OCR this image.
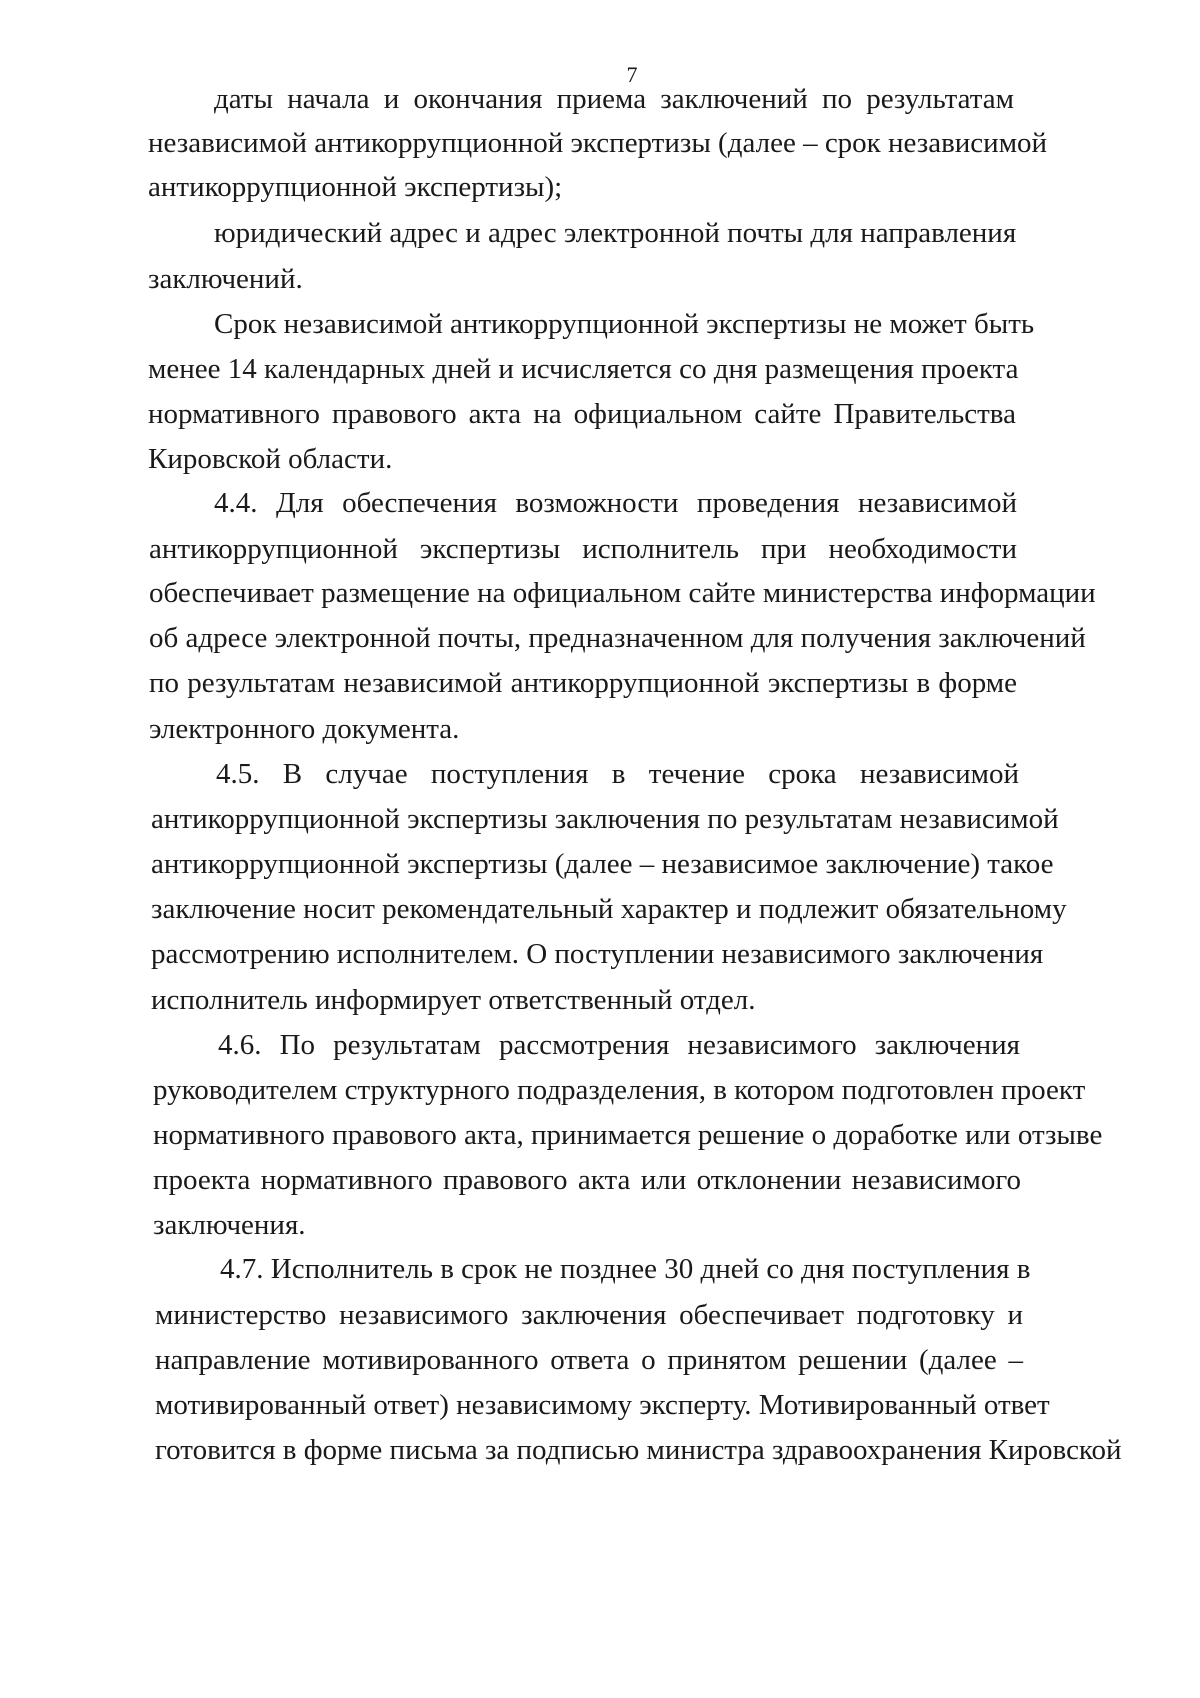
7
даты начала и окончания приема заключений по результатам
независимой антикоррупционной экспертизы (далее – срок независимой
антикоррупционной экспертизы);
юридический адрес и адрес электронной почты для направления
заключений.
Срок независимой антикоррупционной экспертизы не может быть
менее 14 календарных дней и исчисляется со дня размещения проекта
нормативного правового акта на официальном сайте Правительства
Кировской области.
4.4. Для обеспечения возможности проведения независимой
антикоррупционной экспертизы исполнитель при необходимости
обеспечивает размещение на официальном сайте министерства информации
об адресе электронной почты, предназначенном для получения заключений
по результатам независимой антикоррупционной экспертизы в форме
электронного документа.
4.5. В случае поступления в течение срока независимой
антикоррупционной экспертизы заключения по результатам независимой
антикоррупционной экспертизы (далее – независимое заключение) такое
заключение носит рекомендательный характер и подлежит обязательному
рассмотрению исполнителем. О поступлении независимого заключения
исполнитель информирует ответственный отдел.
4.6. По результатам рассмотрения независимого заключения
руководителем структурного подразделения, в котором подготовлен проект
нормативного правового акта, принимается решение о доработке или отзыве
проекта нормативного правового акта или отклонении независимого
заключения.
4.7. Исполнитель в срок не позднее 30 дней со дня поступления в
министерство независимого заключения обеспечивает подготовку и
направление мотивированного ответа о принятом решении (далее –
мотивированный ответ) независимому эксперту. Мотивированный ответ
готовится в форме письма за подписью министра здравоохранения Кировской
